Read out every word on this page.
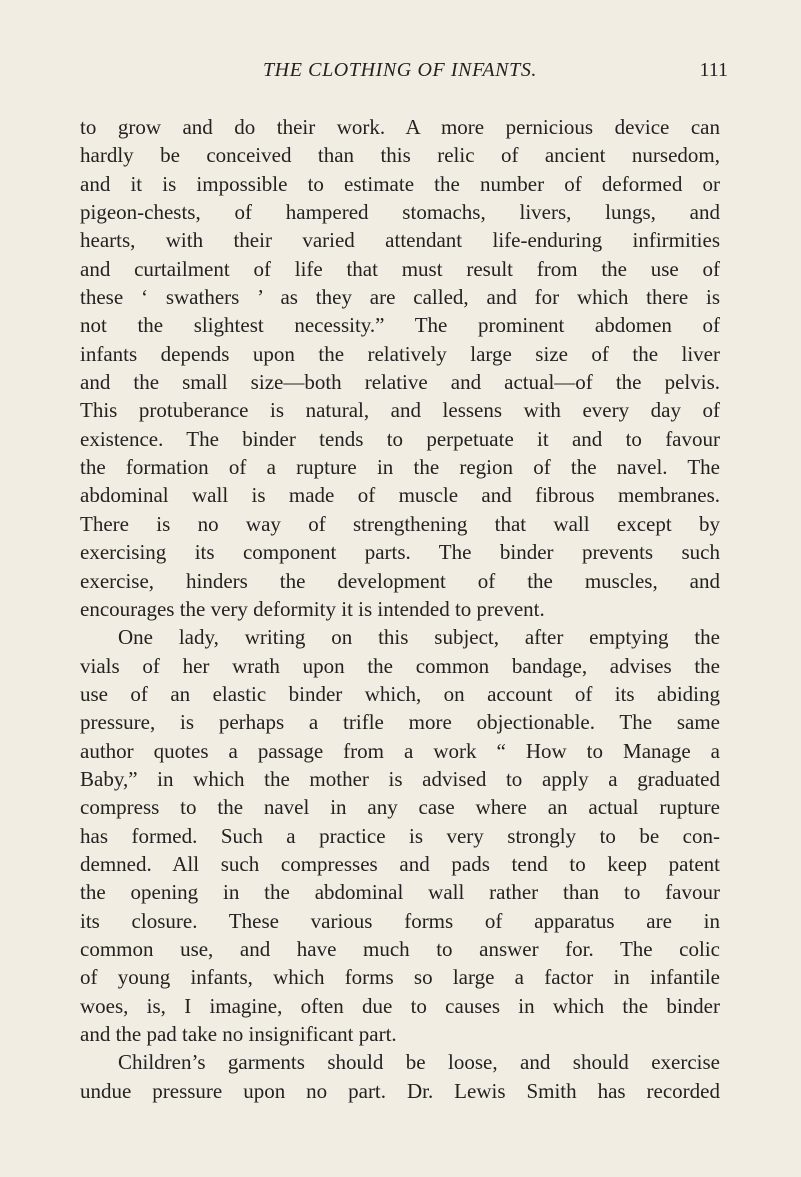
THE CLOTHING OF INFANTS.	111
to grow and do their work. A more pernicious device can
hardly be conceived than this relic of ancient nursedom,
and it is impossible to estimate the number of deformed or
pigeon-chests, of hampered stomachs, livers, lungs, and
hearts, with their varied attendant life-enduring infirmities
and curtailment of life that must result from the use of
these ‘ swathers ’ as they are called, and for which there is
not the slightest necessity.” The prominent abdomen of
infants depends upon the relatively large size of the liver
and the small size—both relative and actual—of the pelvis.
This protuberance is natural, and lessens with every day of
existence. The binder tends to perpetuate it and to favour
the formation of a rupture in the region of the navel. The
abdominal wall is made of muscle and fibrous membranes.
There is no way of strengthening that wall except by
exercising its component parts. The binder prevents such
exercise, hinders the development of the muscles, and
encourages the very deformity it is intended to prevent.
One lady, writing on this subject, after emptying the
vials of her wrath upon the common bandage, advises the
use of an elastic binder which, on account of its abiding
pressure, is perhaps a trifle more objectionable. The same
author quotes a passage from a work “ How to Manage a
Baby,” in which the mother is advised to apply a graduated
compress to the navel in any case where an actual rupture
has formed. Such a practice is very strongly to be con-
demned. All such compresses and pads tend to keep patent
the opening in the abdominal wall rather than to favour
its closure. These various forms of apparatus are in
common use, and have much to answer for. The colic
of young infants, which forms so large a factor in infantile
woes, is, I imagine, often due to causes in which the binder
and the pad take no insignificant part.
Children’s garments should be loose, and should exercise
undue pressure upon no part. Dr. Lewis Smith has recorded
